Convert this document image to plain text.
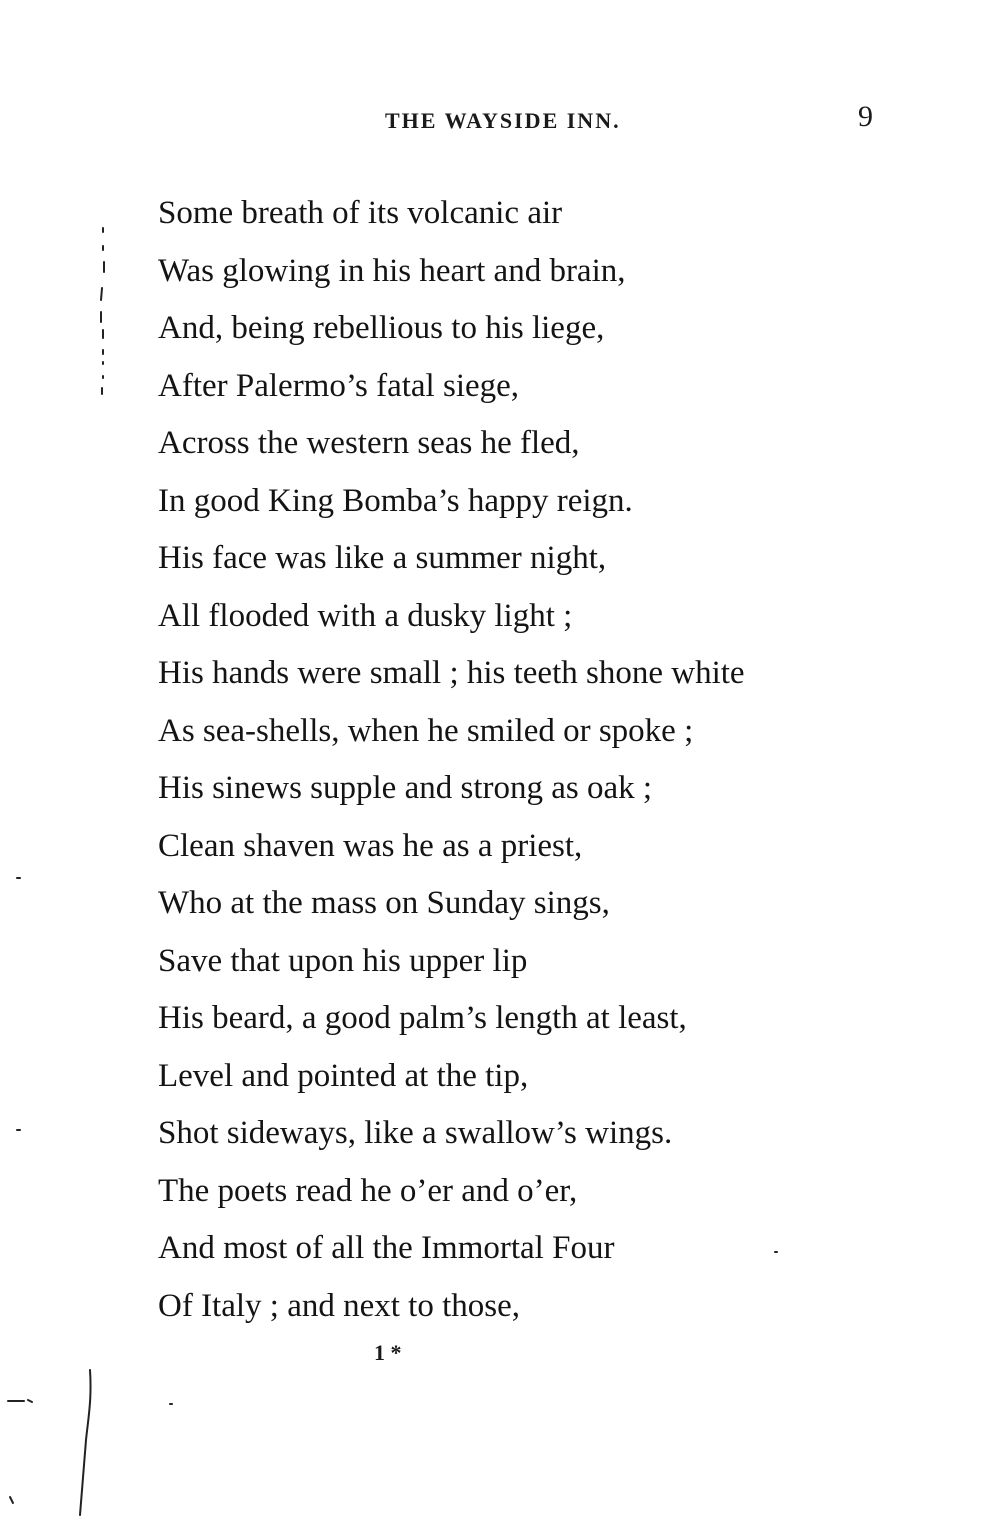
THE WAYSIDE INN.	9
Some breath of its volcanic air
Was glowing in his heart and brain,
And, being rebellious to his liege,
After Palermo’s fatal siege,
Across the western seas he fled,
In good King Bomba’s happy reign.
His face was like a summer night,
All flooded with a dusky light ;
His hands were small ; his teeth shone white
As sea-shells, when he smiled or spoke ;
His sinews supple and strong as oak ;
Clean shaven was he as a priest,
Who at the mass on Sunday sings,
Save that upon his upper lip
His beard, a good palm’s length at least,
Level and pointed at the tip,
Shot sideways, like a swallow’s wings.
The poets read he o’er and o’er,
And most of all the Immortal Four
Of Italy ; and next to those,
1 *
